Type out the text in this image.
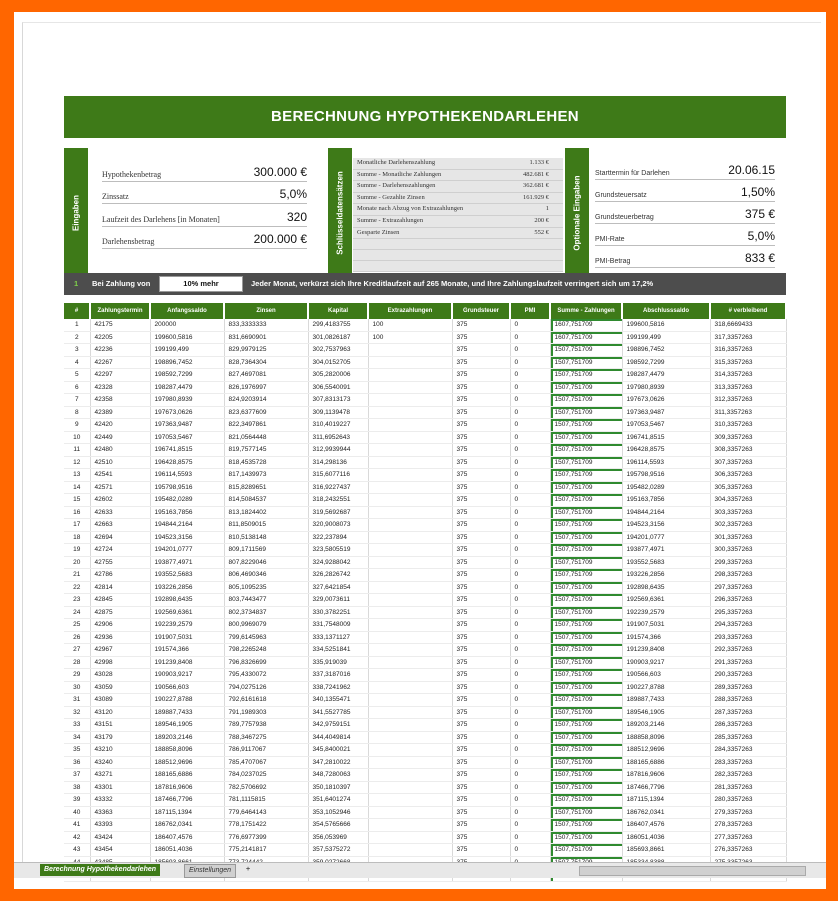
BERECHNUNG HYPOTHEKENDARLEHEN
Eingaben
Hypothekenbetrag	300.000 €
Zinssatz	5,0%
Laufzeit des Darlehens [in Monaten]	320
Darlehensbetrag	200.000 €	Schlüsseldatensätzen
Monatliche Darlehenszahlung	1.133 €
Summe - Monatliche Zahlungen	482.681 €
Summe - Darlehenszahlungen	362.681 €
Summe - Gezahlte Zinsen	161.929 €
Monate nach Abzug von Extrazahlungen	1
Summe - Extrazahlungen	200 €
Gesparte Zinsen	552 €	Optionale Eingaben
Starttermin für Darlehen	20.06.15
Grundsteuersatz	1,50%
Grundsteuerbetrag	375 €
PMI-Rate	5,0%
PMI-Betrag	833 €
1 Bei Zahlung von	10% mehr	Jeder Monat, verkürzt sich Ihre Kreditlaufzeit auf 265 Monate, und Ihre Zahlungslaufzeit verringert sich um 17,2%
#	Zahlungstermin	Anfangssaldo	Zinsen	Kapital	Extrazahlungen	Grundsteuer	PMI	Summe - Zahlungen	Abschlusssaldo	# verbleibend
1	42175	200000	833,3333333	299,4183755	100	375	0	1607,751709	199600,5816	318,6669433
2	42205	199600,5816	831,6690901	301,0826187	100	375	0	1607,751709	199199,499	317,3357263
3	42236	199199,499	829,9979125	302,7537963		375	0	1507,751709	198896,7452	316,3357263
4	42267	198896,7452	828,7364304	304,0152705		375	0	1507,751709	198592,7299	315,3357263
5	42297	198592,7299	827,4697081	305,2820006		375	0	1507,751709	198287,4479	314,3357263
6	42328	198287,4479	826,1976997	306,5540091		375	0	1507,751709	197980,8939	313,3357263
7	42358	197980,8939	824,9203914	307,8313173		375	0	1507,751709	197673,0626	312,3357263
8	42389	197673,0626	823,6377609	309,1139478		375	0	1507,751709	197363,9487	311,3357263
9	42420	197363,9487	822,3497861	310,4019227		375	0	1507,751709	197053,5467	310,3357263
10	42449	197053,5467	821,0564448	311,6952643		375	0	1507,751709	196741,8515	309,3357263
11	42480	196741,8515	819,7577145	312,9939944		375	0	1507,751709	196428,8575	308,3357263
12	42510	196428,8575	818,4535728	314,298136		375	0	1507,751709	196114,5593	307,3357263
13	42541	196114,5593	817,1439973	315,6077116		375	0	1507,751709	195798,9516	306,3357263
14	42571	195798,9516	815,8289651	316,9227437		375	0	1507,751709	195482,0289	305,3357263
15	42602	195482,0289	814,5084537	318,2432551		375	0	1507,751709	195163,7856	304,3357263
16	42633	195163,7856	813,1824402	319,5692687		375	0	1507,751709	194844,2164	303,3357263
17	42663	194844,2164	811,8509015	320,9008073		375	0	1507,751709	194523,3156	302,3357263
18	42694	194523,3156	810,5138148	322,237894		375	0	1507,751709	194201,0777	301,3357263
19	42724	194201,0777	809,1711569	323,5805519		375	0	1507,751709	193877,4971	300,3357263
20	42755	193877,4971	807,8229046	324,9288042		375	0	1507,751709	193552,5683	299,3357263
21	42786	193552,5683	806,4690346	326,2826742		375	0	1507,751709	193226,2856	298,3357263
22	42814	193226,2856	805,1095235	327,6421854		375	0	1507,751709	192898,6435	297,3357263
23	42845	192898,6435	803,7443477	329,0073611		375	0	1507,751709	192569,6361	296,3357263
24	42875	192569,6361	802,3734837	330,3782251		375	0	1507,751709	192239,2579	295,3357263
25	42906	192239,2579	800,9969079	331,7548009		375	0	1507,751709	191907,5031	294,3357263
26	42936	191907,5031	799,6145963	333,1371127		375	0	1507,751709	191574,366	293,3357263
27	42967	191574,366	798,2265248	334,5251841		375	0	1507,751709	191239,8408	292,3357263
28	42998	191239,8408	796,8326699	335,919039		375	0	1507,751709	190903,9217	291,3357263
29	43028	190903,9217	795,4330072	337,3187016		375	0	1507,751709	190566,603	290,3357263
30	43059	190566,603	794,0275126	338,7241962		375	0	1507,751709	190227,8788	289,3357263
31	43089	190227,8788	792,6161618	340,1355471		375	0	1507,751709	189887,7433	288,3357263
32	43120	189887,7433	791,1989303	341,5527785		375	0	1507,751709	189546,1905	287,3357263
33	43151	189546,1905	789,7757938	342,9759151		375	0	1507,751709	189203,2146	286,3357263
34	43179	189203,2146	788,3467275	344,4049814		375	0	1507,751709	188858,8096	285,3357263
35	43210	188858,8096	786,9117067	345,8400021		375	0	1507,751709	188512,9696	284,3357263
36	43240	188512,9696	785,4707067	347,2810022		375	0	1507,751709	188165,6886	283,3357263
37	43271	188165,6886	784,0237025	348,7280063		375	0	1507,751709	187816,9606	282,3357263
38	43301	187816,9606	782,5706692	350,1810397		375	0	1507,751709	187466,7796	281,3357263
39	43332	187466,7796	781,1115815	351,6401274		375	0	1507,751709	187115,1394	280,3357263
40	43363	187115,1394	779,6464143	353,1052946		375	0	1507,751709	186762,0341	279,3357263
41	43393	186762,0341	778,1751422	354,5765666		375	0	1507,751709	186407,4576	278,3357263
42	43424	186407,4576	776,6977399	356,053969		375	0	1507,751709	186051,4036	277,3357263
43	43454	186051,4036	775,2141817	357,5375272		375	0	1507,751709	185693,8661	276,3357263

Berechnung Hypothekendarlehen	Einstellungen	+
